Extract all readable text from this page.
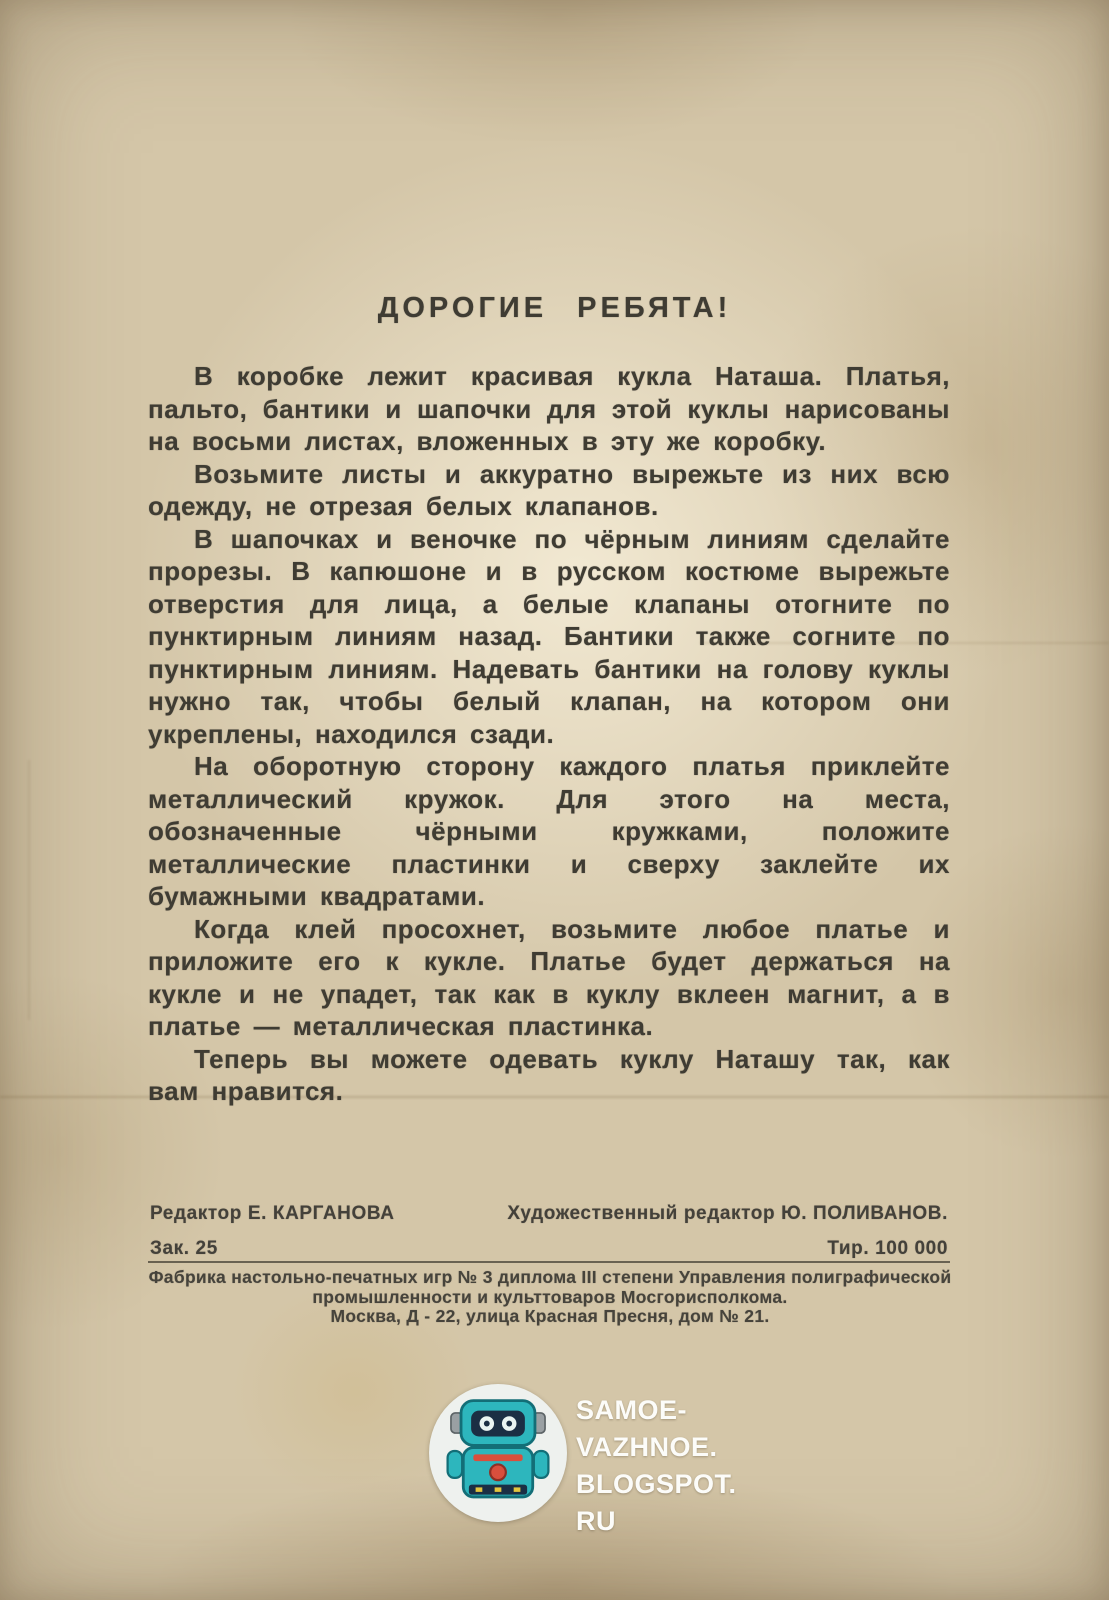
ДОРОГИЕ РЕБЯТА!

В коробке лежит красивая кукла Наташа. Платья, пальто, бантики и шапочки для этой куклы нарисованы на восьми листах, вложенных в эту же коробку.

Возьмите листы и аккуратно вырежьте из них всю одежду, не отрезая белых клапанов.

В шапочках и веночке по чёрным линиям сделайте прорезы. В капюшоне и в русском костюме вырежьте отверстия для лица, а белые клапаны отогните по пунктирным линиям назад. Бантики также согните по пунктирным линиям. Надевать бантики на голову куклы нужно так, чтобы белый клапан, на котором они укреплены, находился сзади.

На оборотную сторону каждого платья приклейте металлический кружок. Для этого на места, обозначенные чёрными кружками, положите металлические пластинки и сверху заклейте их бумажными квадратами.

Когда клей просохнет, возьмите любое платье и приложите его к кукле. Платье будет держаться на кукле и не упадет, так как в куклу вклеен магнит, а в платье — металлическая пластинка.

Теперь вы можете одевать куклу Наташу так, как вам нравится.

Редактор Е. КАРГАНОВА	Художественный редактор Ю. ПОЛИВАНОВ.
Зак. 25	Тир. 100 000
Фабрика настольно-печатных игр № 3 диплома III степени Управления полиграфической
промышленности и культтоваров Мосгорисполкома.
Москва, Д - 22, улица Красная Пресня, дом № 21.
SAMOE-VAZHNOE.
BLOGSPOT.
RU
